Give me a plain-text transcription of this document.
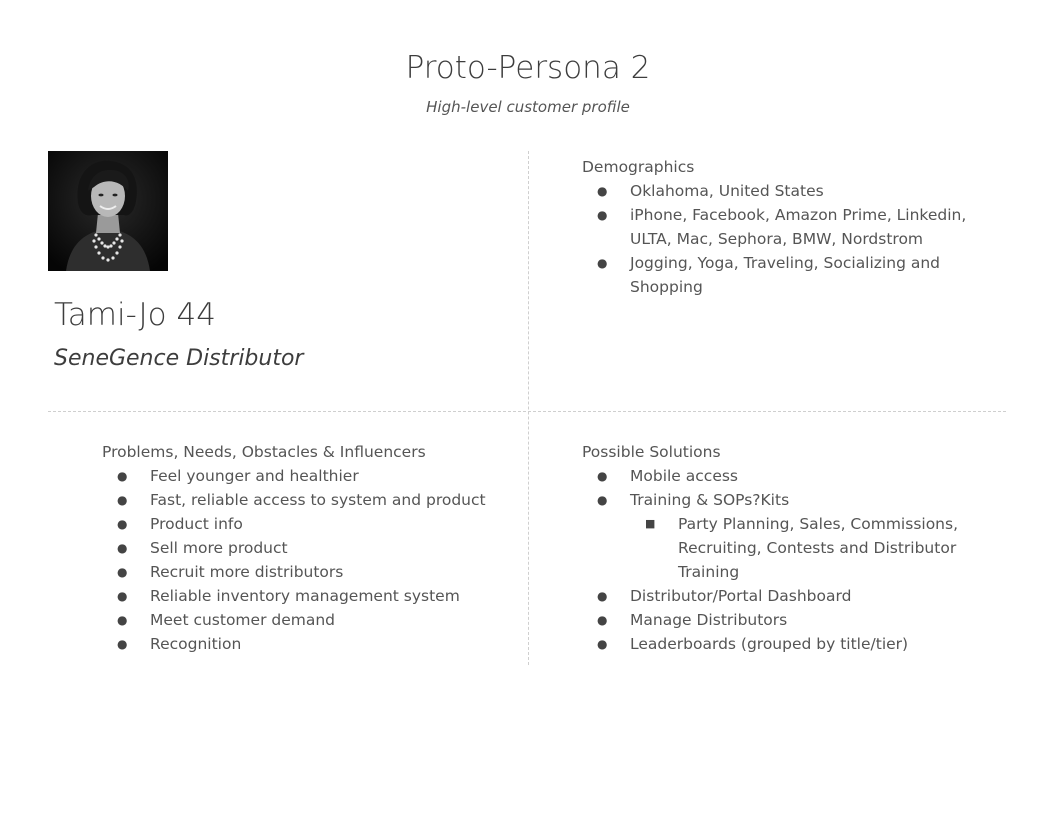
Proto-Persona 2
High-level customer profile
Tami-Jo 44
SeneGence Distributor

Demographics

● Oklahoma, United States
● iPhone, Facebook, Amazon Prime, Linkedin, ULTA, Mac, Sephora, BMW, Nordstrom
● Jogging, Yoga, Traveling, Socializing and Shopping

Problems, Needs, Obstacles & Influencers

● Feel younger and healthier
● Fast, reliable access to system and product
● Product info
● Sell more product
● Recruit more distributors
● Reliable inventory management system
● Meet customer demand
● Recognition

Possible Solutions

● Mobile access
● Training & SOPs?Kits
■ Party Planning, Sales, Commissions, Recruiting, Contests and Distributor Training
● Distributor/Portal Dashboard
● Manage Distributors
● Leaderboards (grouped by title/tier)
